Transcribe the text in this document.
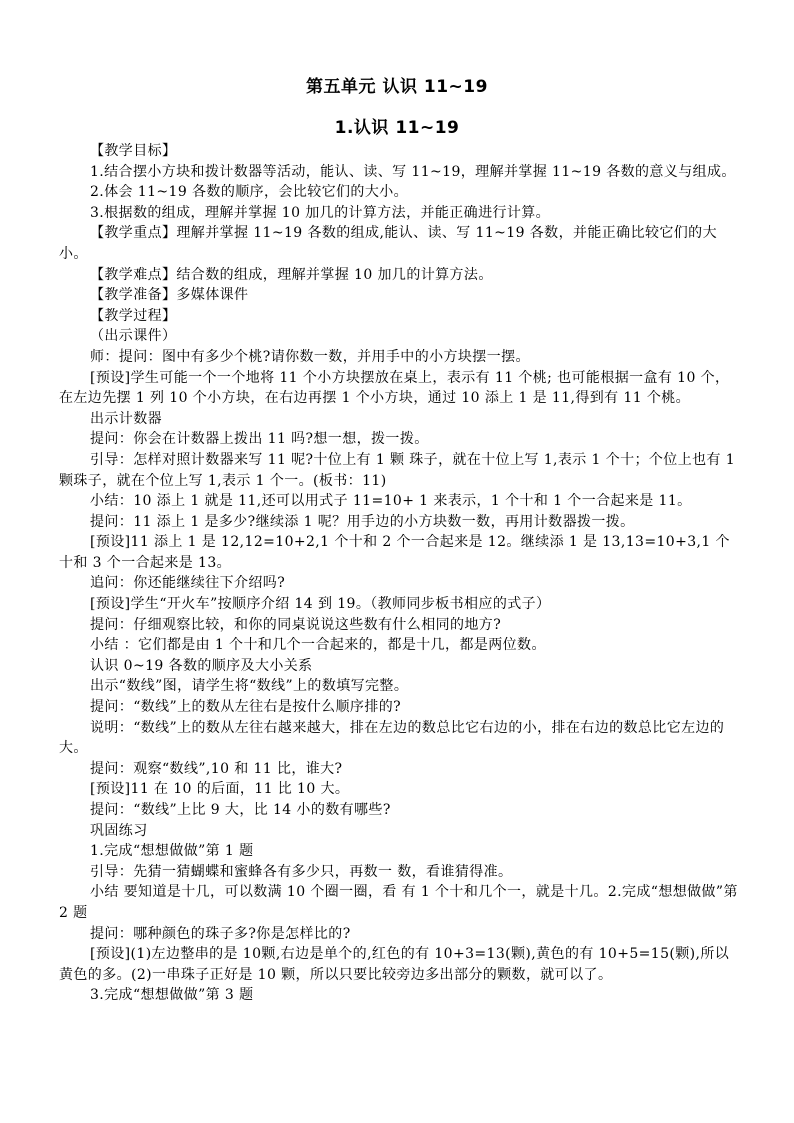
第五单元 认识 11~19
1.认识 11~19

【教学目标】

1.结合摆小方块和拨计数器等活动，能认、读、写 11~19，理解并掌握 11~19 各数的意义与组成。

2.体会 11~19 各数的顺序，会比较它们的大小。

3.根据数的组成，理解并掌握 10 加几的计算方法，并能正确进行计算。

【教学重点】理解并掌握 11~19 各数的组成,能认、读、写 11~19 各数，并能正确比较它们的大小。

【教学难点】结合数的组成，理解并掌握 10 加几的计算方法。

【教学准备】多媒体课件

【教学过程】

（出示课件）

师：提问：图中有多少个桃?请你数一数，并用手中的小方块摆一摆。

[预设]学生可能一个一个地将 11 个小方块摆放在桌上，表示有 11 个桃; 也可能根据一盒有 10 个， 在左边先摆 1 列 10 个小方块，在右边再摆 1 个小方块，通过 10 添上 1 是 11,得到有 11 个桃。

出示计数器

提问：你会在计数器上拨出 11 吗?想一想，拨一拨。

引导：怎样对照计数器来写 11 呢?十位上有 1 颗 珠子，就在十位上写 1,表示 1 个十；个位上也有 1 颗珠子，就在个位上写 1,表示 1 个一。(板书：11)

小结：10 添上 1 就是 11,还可以用式子 11=10+ 1 来表示，1 个十和 1 个一合起来是 11。

提问：11 添上 1 是多少?继续添 1 呢？用手边的小方块数一数，再用计数器拨一拨。

[预设]11 添上 1 是 12,12=10+2,1 个十和 2 个一合起来是 12。继续添 1 是 13,13=10+3,1 个十和 3 个一合起来是 13。

追问：你还能继续往下介绍吗?

[预设]学生“开火车”按顺序介绍 14 到 19。（教师同步板书相应的式子）

提问：仔细观察比较，和你的同桌说说这些数有什么相同的地方?

小结 ：它们都是由 1 个十和几个一合起来的，都是十几，都是两位数。

认识 0~19 各数的顺序及大小关系

出示“数线”图，请学生将“数线”上的数填写完整。

提问：“数线”上的数从左往右是按什么顺序排的?

说明：“数线”上的数从左往右越来越大，排在左边的数总比它右边的小，排在右边的数总比它左边的大。

提问：观察“数线”,10 和 11 比，谁大?

[预设]11 在 10 的后面，11 比 10 大。

提问：“数线”上比 9 大，比 14 小的数有哪些?

巩固练习

1.完成“想想做做”第 1 题

引导：先猜一猜蝴蝶和蜜蜂各有多少只，再数一 数，看谁猜得准。

小结 要知道是十几，可以数满 10 个圈一圈，看 有 1 个十和几个一，就是十几。2.完成“想想做做”第 2 题

提问：哪种颜色的珠子多?你是怎样比的?

[预设](1)左边整串的是 10颗,右边是单个的,红色的有 10+3=13(颗),黄色的有 10+5=15(颗),所以黄色的多。(2)一串珠子正好是 10 颗，所以只要比较旁边多出部分的颗数，就可以了。

3.完成“想想做做”第 3 题
